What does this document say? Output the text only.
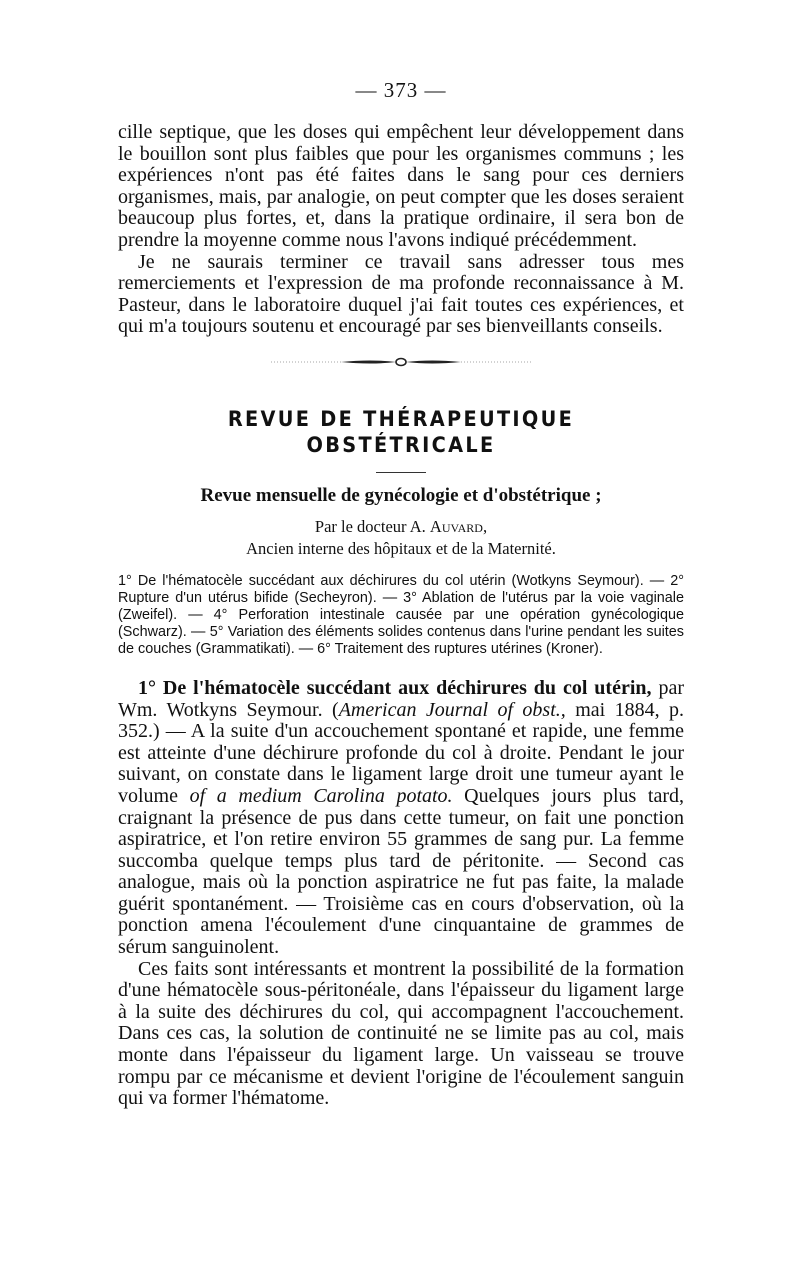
— 373 —

cille septique, que les doses qui empêchent leur développement dans le bouillon sont plus faibles que pour les organismes communs ; les expériences n'ont pas été faites dans le sang pour ces derniers organismes, mais, par analogie, on peut compter que les doses seraient beaucoup plus fortes, et, dans la pratique ordinaire, il sera bon de prendre la moyenne comme nous l'avons indiqué précédemment.

Je ne saurais terminer ce travail sans adresser tous mes remerciements et l'expression de ma profonde reconnaissance à M. Pasteur, dans le laboratoire duquel j'ai fait toutes ces expériences, et qui m'a toujours soutenu et encouragé par ses bienveillants conseils.

REVUE DE THÉRAPEUTIQUE OBSTÉTRICALE
Revue mensuelle de gynécologie et d'obstétrique ;
Par le docteur A. Auvard,
Ancien interne des hôpitaux et de la Maternité.

1° De l'hématocèle succédant aux déchirures du col utérin (Wotkyns Seymour). — 2° Rupture d'un utérus bifide (Secheyron). — 3° Ablation de l'utérus par la voie vaginale (Zweifel). — 4° Perforation intestinale causée par une opération gynécologique (Schwarz). — 5° Variation des éléments solides contenus dans l'urine pendant les suites de couches (Grammatikati). — 6° Traitement des ruptures utérines (Kroner).

1° De l'hématocèle succédant aux déchirures du col utérin, par Wm. Wotkyns Seymour. (American Journal of obst., mai 1884, p. 352.) — A la suite d'un accouchement spontané et rapide, une femme est atteinte d'une déchirure profonde du col à droite. Pendant le jour suivant, on constate dans le ligament large droit une tumeur ayant le volume of a medium Carolina potato. Quelques jours plus tard, craignant la présence de pus dans cette tumeur, on fait une ponction aspiratrice, et l'on retire environ 55 grammes de sang pur. La femme succomba quelque temps plus tard de péritonite. — Second cas analogue, mais où la ponction aspiratrice ne fut pas faite, la malade guérit spontanément. — Troisième cas en cours d'observation, où la ponction amena l'écoulement d'une cinquantaine de grammes de sérum sanguinolent.

Ces faits sont intéressants et montrent la possibilité de la formation d'une hématocèle sous-péritonéale, dans l'épaisseur du ligament large à la suite des déchirures du col, qui accompagnent l'accouchement. Dans ces cas, la solution de continuité ne se limite pas au col, mais monte dans l'épaisseur du ligament large. Un vaisseau se trouve rompu par ce mécanisme et devient l'origine de l'écoulement sanguin qui va former l'hématome.
